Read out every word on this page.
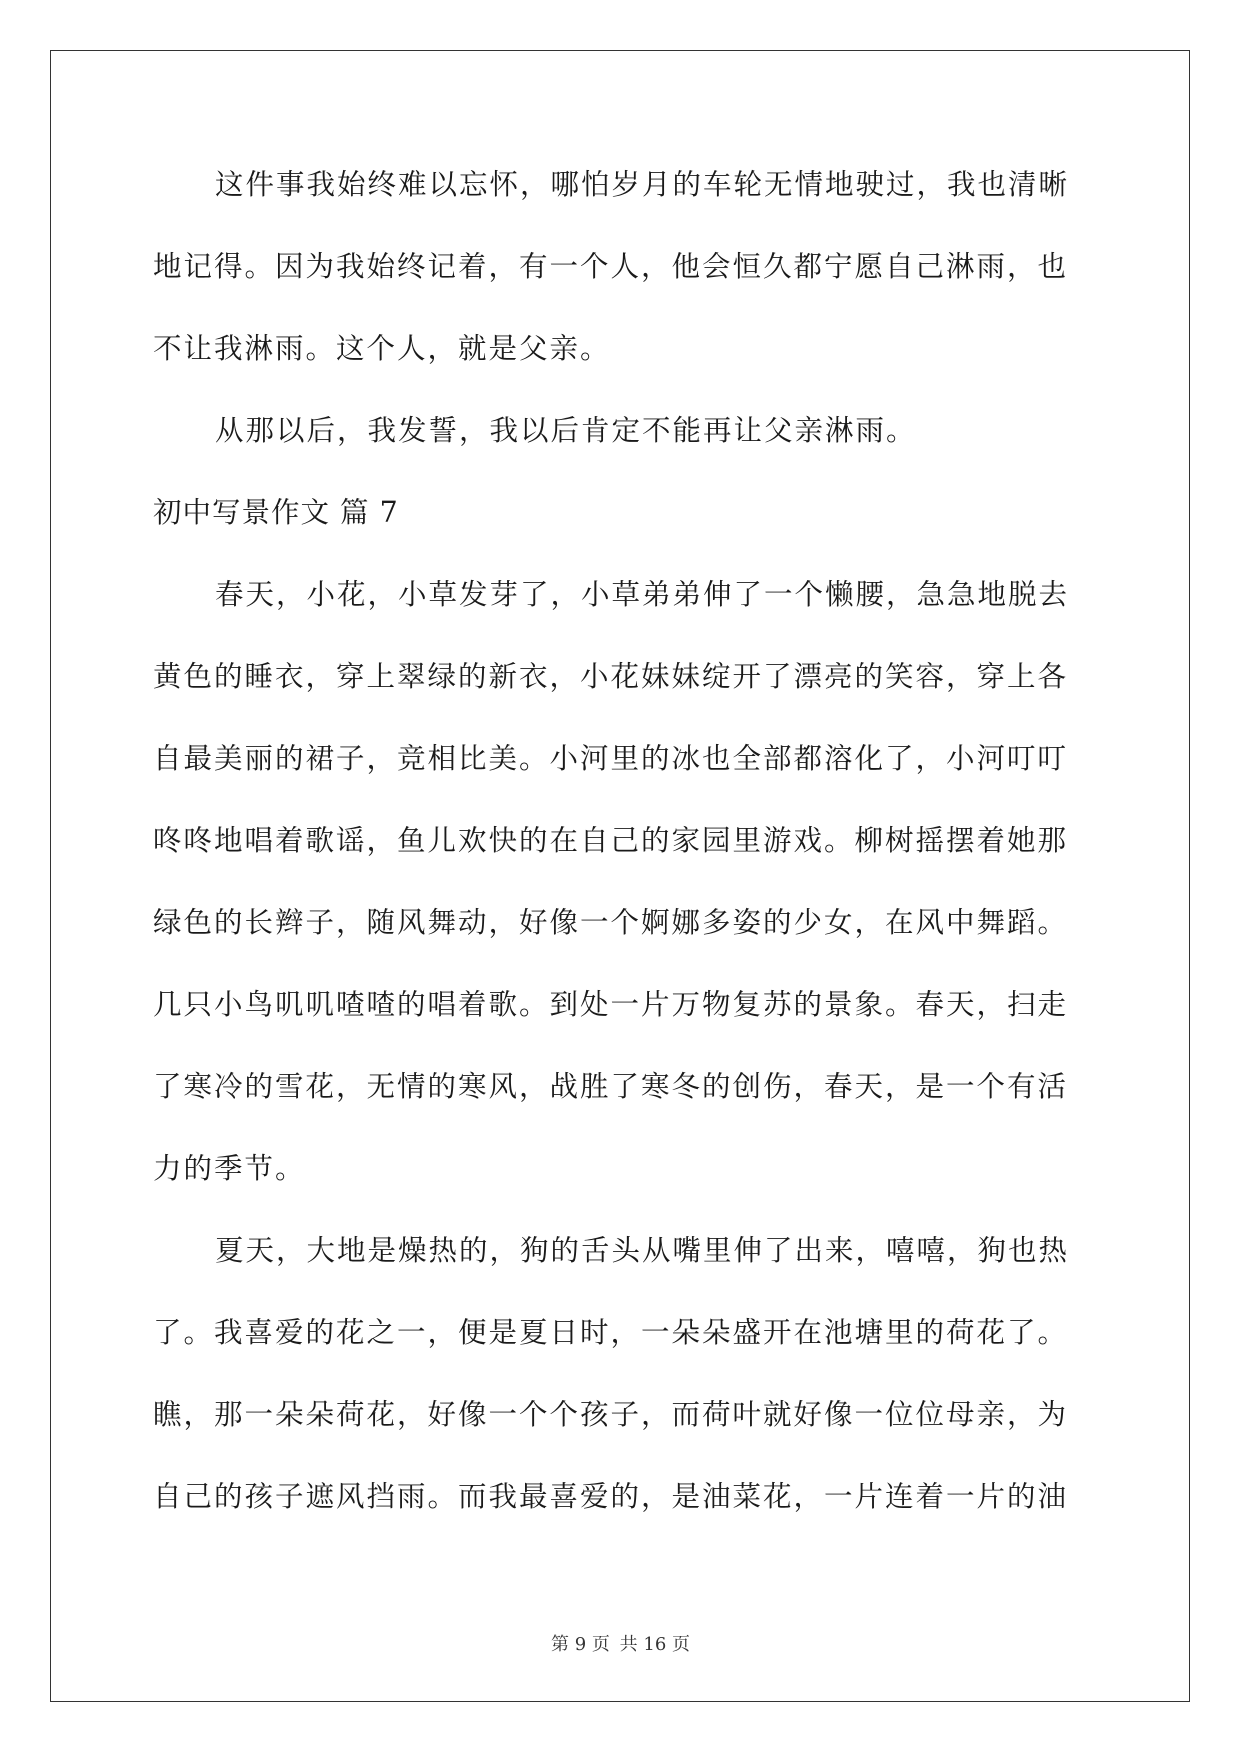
这件事我始终难以忘怀，哪怕岁月的车轮无情地驶过，我也清晰
地记得。因为我始终记着，有一个人，他会恒久都宁愿自己淋雨，也
不让我淋雨。这个人，就是父亲。
从那以后，我发誓，我以后肯定不能再让父亲淋雨。
初中写景作文 篇 7
春天，小花，小草发芽了，小草弟弟伸了一个懒腰，急急地脱去
黄色的睡衣，穿上翠绿的新衣，小花妹妹绽开了漂亮的笑容，穿上各
自最美丽的裙子，竞相比美。小河里的冰也全部都溶化了，小河叮叮
咚咚地唱着歌谣，鱼儿欢快的在自己的家园里游戏。柳树摇摆着她那
绿色的长辫子，随风舞动，好像一个婀娜多姿的少女，在风中舞蹈。
几只小鸟叽叽喳喳的唱着歌。到处一片万物复苏的景象。春天，扫走
了寒冷的雪花，无情的寒风，战胜了寒冬的创伤，春天，是一个有活
力的季节。
夏天，大地是燥热的，狗的舌头从嘴里伸了出来，嘻嘻，狗也热
了。我喜爱的花之一，便是夏日时，一朵朵盛开在池塘里的荷花了。
瞧，那一朵朵荷花，好像一个个孩子，而荷叶就好像一位位母亲，为
自己的孩子遮风挡雨。而我最喜爱的，是油菜花，一片连着一片的油
第 9 页 共 16 页
